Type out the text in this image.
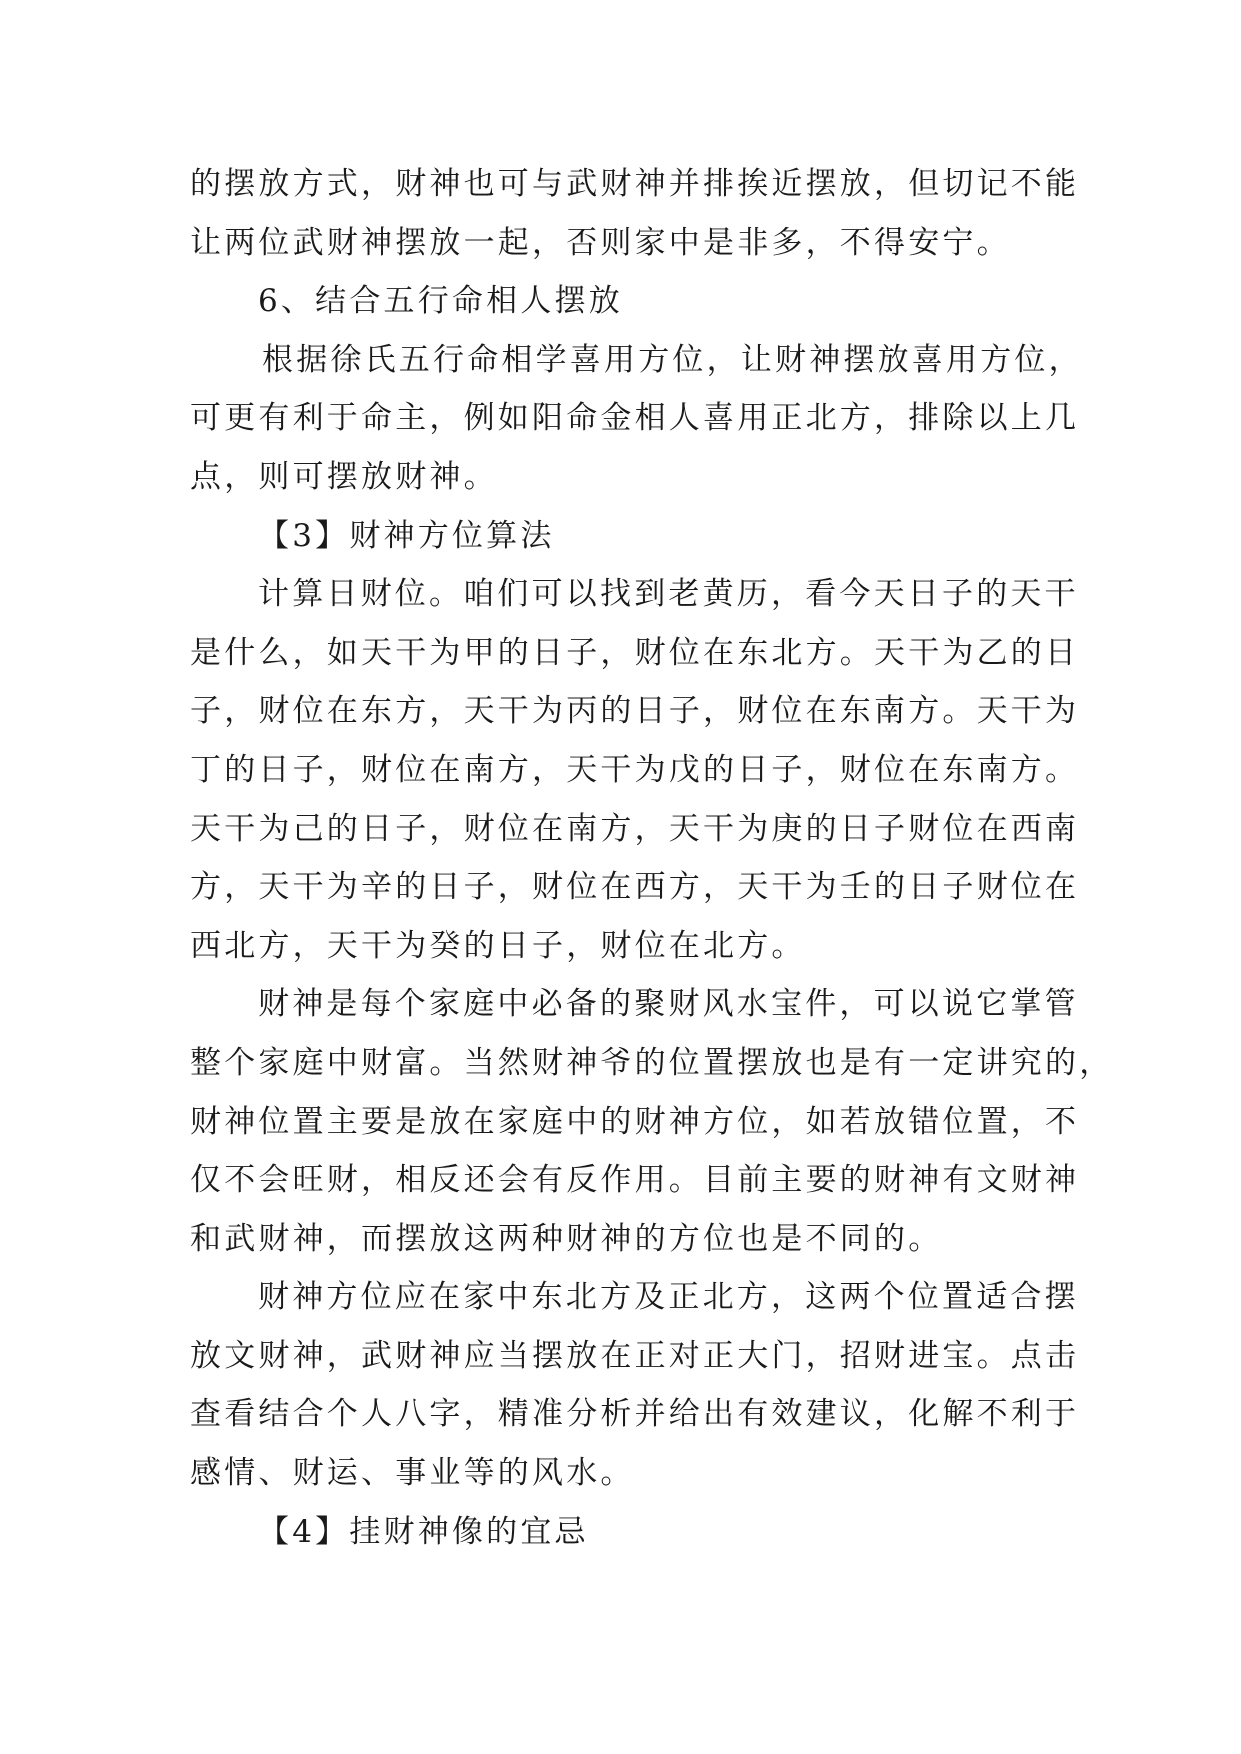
的摆放方式，财神也可与武财神并排挨近摆放，但切记不能
让两位武财神摆放一起，否则家中是非多，不得安宁。
6、结合五行命相人摆放
根据徐氏五行命相学喜用方位，让财神摆放喜用方位，
可更有利于命主，例如阳命金相人喜用正北方，排除以上几
点，则可摆放财神。
【3】财神方位算法
计算日财位。咱们可以找到老黄历，看今天日子的天干
是什么，如天干为甲的日子，财位在东北方。天干为乙的日
子，财位在东方，天干为丙的日子，财位在东南方。天干为
丁的日子，财位在南方，天干为戊的日子，财位在东南方。
天干为己的日子，财位在南方，天干为庚的日子财位在西南
方，天干为辛的日子，财位在西方，天干为壬的日子财位在
西北方，天干为癸的日子，财位在北方。
财神是每个家庭中必备的聚财风水宝件，可以说它掌管
整个家庭中财富。当然财神爷的位置摆放也是有一定讲究的，
财神位置主要是放在家庭中的财神方位，如若放错位置，不
仅不会旺财，相反还会有反作用。目前主要的财神有文财神
和武财神，而摆放这两种财神的方位也是不同的。
财神方位应在家中东北方及正北方，这两个位置适合摆
放文财神，武财神应当摆放在正对正大门，招财进宝。点击
查看结合个人八字，精准分析并给出有效建议，化解不利于
感情、财运、事业等的风水。
【4】挂财神像的宜忌
